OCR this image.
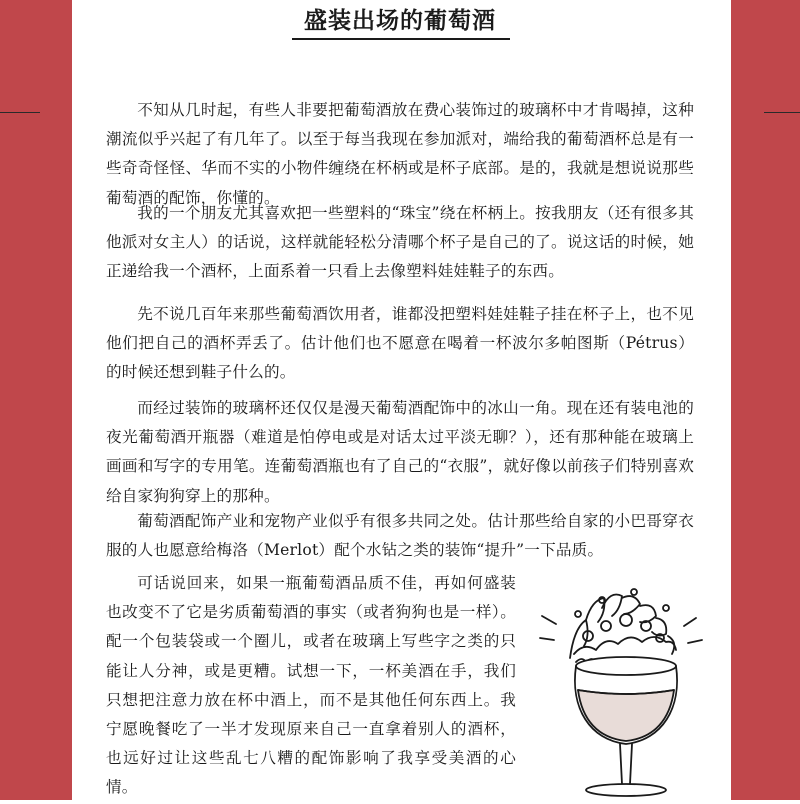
盛装出场的葡萄酒

不知从几时起，有些人非要把葡萄酒放在费心装饰过的玻璃杯中才肯喝掉，这种潮流似乎兴起了有几年了。以至于每当我现在参加派对，端给我的葡萄酒杯总是有一些奇奇怪怪、华而不实的小物件缠绕在杯柄或是杯子底部。是的，我就是想说说那些葡萄酒的配饰，你懂的。

我的一个朋友尤其喜欢把一些塑料的“珠宝”绕在杯柄上。按我朋友（还有很多其他派对女主人）的话说，这样就能轻松分清哪个杯子是自己的了。说这话的时候，她正递给我一个酒杯，上面系着一只看上去像塑料娃娃鞋子的东西。

先不说几百年来那些葡萄酒饮用者，谁都没把塑料娃娃鞋子挂在杯子上，也不见他们把自己的酒杯弄丢了。估计他们也不愿意在喝着一杯波尔多帕图斯（Pétrus）的时候还想到鞋子什么的。

而经过装饰的玻璃杯还仅仅是漫天葡萄酒配饰中的冰山一角。现在还有装电池的夜光葡萄酒开瓶器（难道是怕停电或是对话太过平淡无聊？），还有那种能在玻璃上画画和写字的专用笔。连葡萄酒瓶也有了自己的“衣服”，就好像以前孩子们特别喜欢给自家狗狗穿上的那种。

葡萄酒配饰产业和宠物产业似乎有很多共同之处。估计那些给自家的小巴哥穿衣服的人也愿意给梅洛（Merlot）配个水钻之类的装饰“提升”一下品质。

可话说回来，如果一瓶葡萄酒品质不佳，再如何盛装也改变不了它是劣质葡萄酒的事实（或者狗狗也是一样）。配一个包装袋或一个圈儿，或者在玻璃上写些字之类的只能让人分神，或是更糟。试想一下，一杯美酒在手，我们只想把注意力放在杯中酒上，而不是其他任何东西上。我宁愿晚餐吃了一半才发现原来自己一直拿着别人的酒杯，也远好过让这些乱七八糟的配饰影响了我享受美酒的心情。
